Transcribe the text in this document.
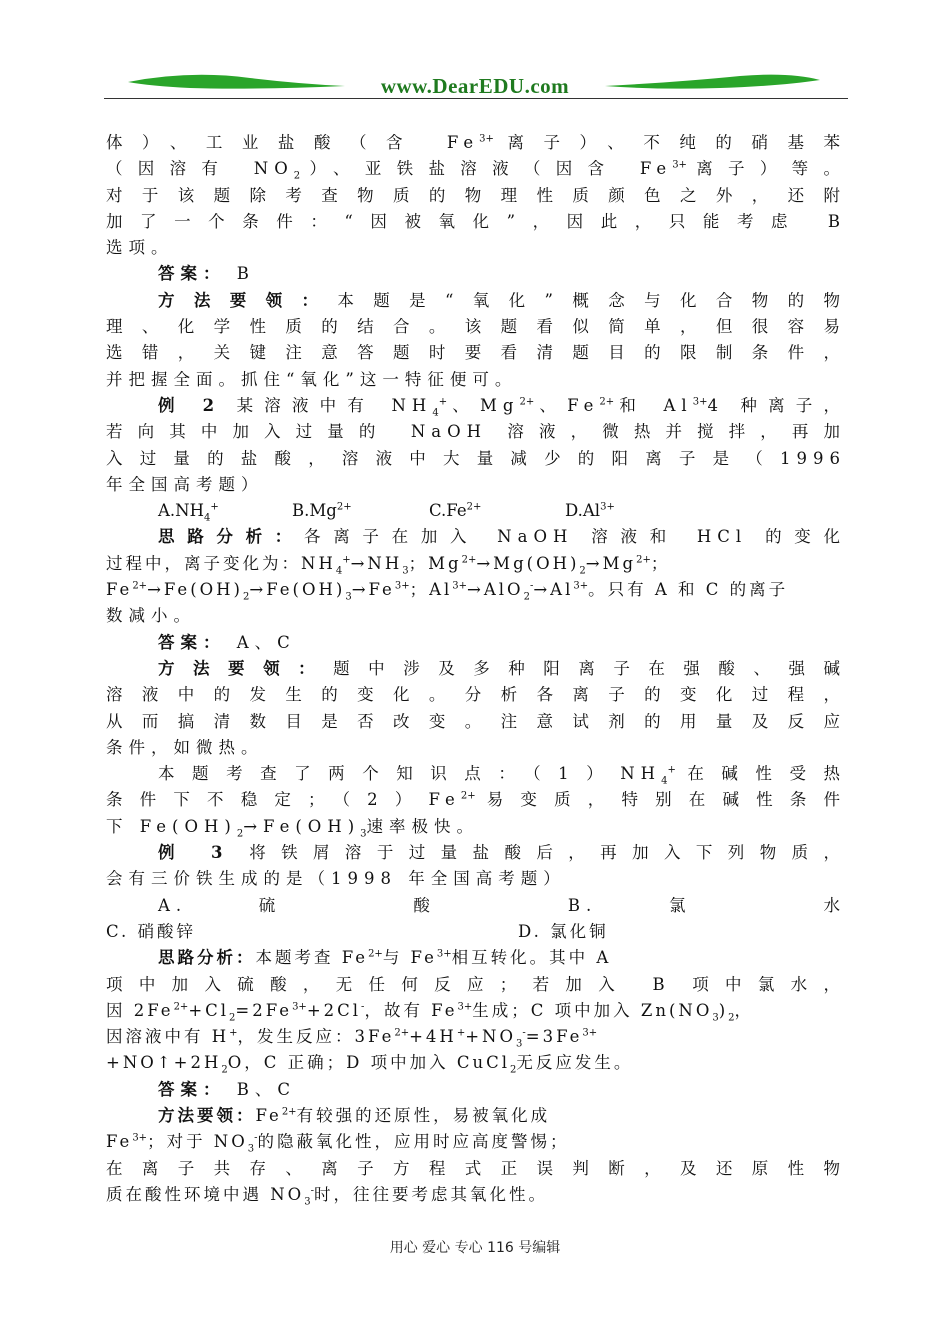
www.DearEDU.com

体）、工业盐酸（含 $Fe^{3+}$离子）、不纯的硝基苯

（因溶有 $NO_2$）、亚铁盐溶液（因含 $Fe^{3+}$离子）等。

对于该题除考查物质的物理性质颜色之外，还附

加了一个条件：“因被氧化”，因此，只能考虑 B

选项。

答案： B

方法要领：本题是“氧化”概念与化合物的物

理、化学性质的结合。该题看似简单，但很容易

选错，关键注意答题时要看清题目的限制条件，

并把握全面。抓住“氧化”这一特征便可。

例 2 某溶液中有 $NH_4^+$、$Mg^{2+}$、$Fe^{2+}$和 $Al^{3+}4$ 种离子，

若向其中加入过量的 NaOH 溶液，微热并搅拌，再加

入过量的盐酸，溶液中大量减少的阳离子是（1996

年全国高考题）

$A.NH_4^+$	$B.Mg^{2+}$	$C.Fe^{2+}$	$D.Al^{3+}$

思路分析：各离子在加入 NaOH 溶液和 HCl 的变化

过程中，离子变化为：$NH_4^+\to NH_3$；$Mg^{2+}\to Mg(OH)_2\to Mg^{2+}$；

$Fe^{2+}\to Fe(OH)_2\to Fe(OH)_3\to Fe^{3+}$；$Al^{3+}\to AlO_2^-\to Al^{3+}$。只有 A 和 C 的离子

数减小。

答案： A、C

方法要领：题中涉及多种阳离子在强酸、强碱

溶液中的发生的变化。分析各离子的变化过程，

从而搞清数目是否改变。注意试剂的用量及反应

条件，如微热。

本题考查了两个知识点：$(1)NH_4^+$在碱性受热

条件下不稳定；$(2)Fe^{2+}$易变质，特别在碱性条件

下 $Fe(OH)_2\to Fe(OH)_3$速率极快。

例 3 将铁屑溶于过量盐酸后，再加入下列物质，

会有三价铁生成的是（1998 年全国高考题）

A. 硫 酸	B. 氯 水

C. 硝酸锌	D. 氯化铜

思路分析：本题考查 $Fe^{2+}$与 $Fe^{3+}$相互转化。其中 A

项中加入硫酸，无任何反应；若加入 B 项中氯水，

因 $2Fe^{2+}+Cl_2=2Fe^{3+}+2Cl^-$，故有 $Fe^{3+}$生成；C 项中加入 $Zn(NO_3)_2$，

因溶液中有 H+，发生反应：$3Fe^{2+}+4H^++NO_3^-=3Fe^{3+}$

$+NO↑+2H_2O$，C 正确；D 项中加入 CuCl$_2$无反应发生。

答案： B、C

方法要领：$Fe^{2+}$有较强的还原性，易被氧化成

$Fe^{3+}$；对于 $NO_3^-$的隐蔽氧化性，应用时应高度警惕；

在离子共存、离子方程式正误判断，及还原性物

质在酸性环境中遇 $NO_3^-$时，往往要考虑其氧化性。

用心 爱心 专心 116 号编辑
